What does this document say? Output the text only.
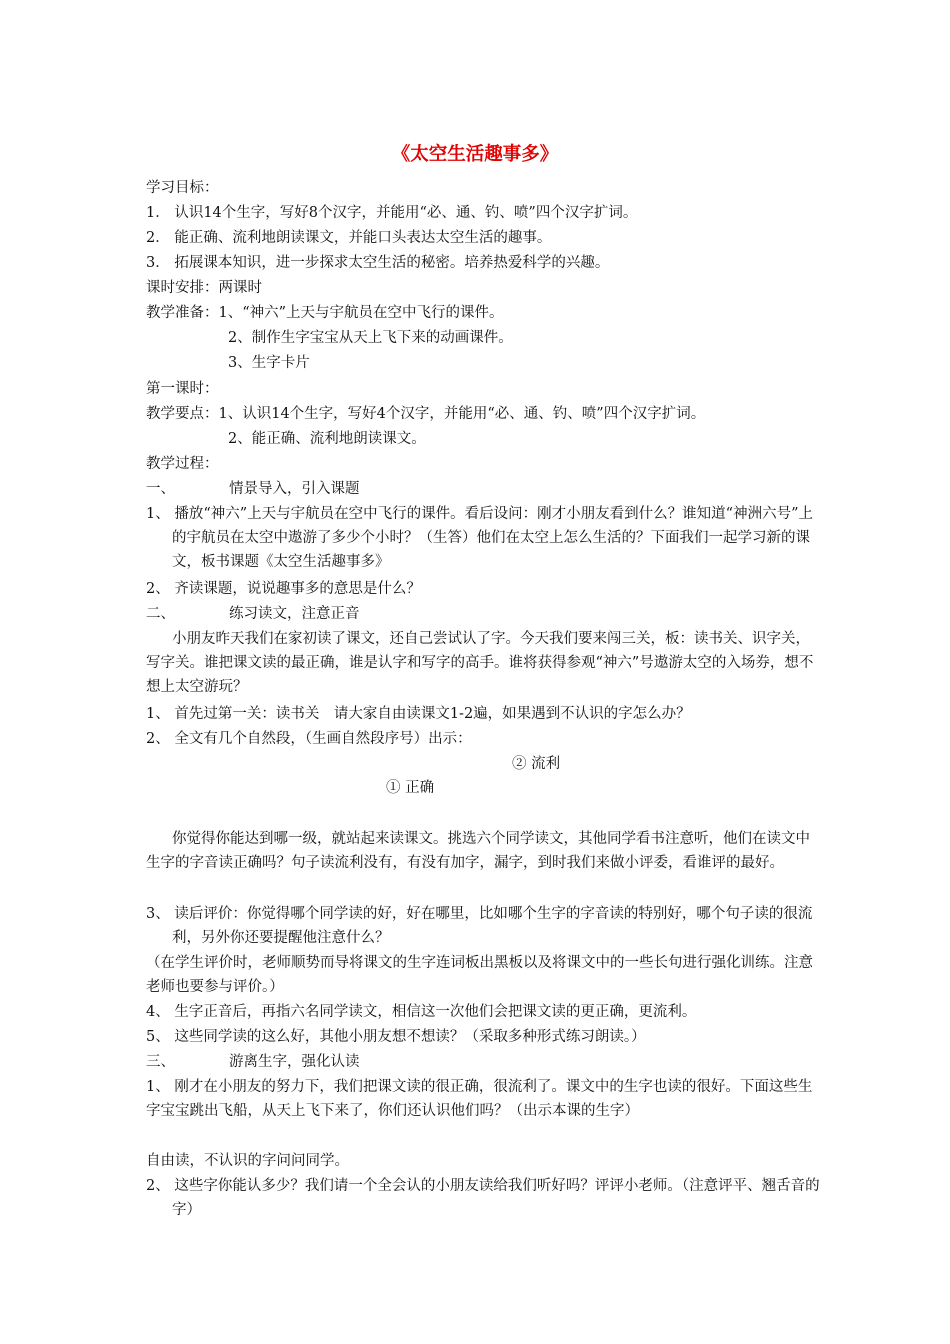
《太空生活趣事多》
学习目标：
1． 认识14个生字，写好8个汉字，并能用“必、通、钓、喷”四个汉字扩词。
2． 能正确、流利地朗读课文，并能口头表达太空生活的趣事。
3． 拓展课本知识，进一步探求太空生活的秘密。培养热爱科学的兴趣。
课时安排：两课时
教学准备：1、“神六”上天与宇航员在空中飞行的课件。
2、制作生字宝宝从天上飞下来的动画课件。
3、生字卡片
第一课时：
教学要点：1、认识14个生字，写好4个汉字，并能用“必、通、钓、喷”四个汉字扩词。
2、能正确、流利地朗读课文。
教学过程：
一、	情景导入，引入课题
1、 播放“神六”上天与宇航员在空中飞行的课件。看后设问：刚才小朋友看到什么？谁知道“神洲六号”上的宇航员在太空中遨游了多少个小时？（生答）他们在太空上怎么生活的？下面我们一起学习新的课文，板书课题《太空生活趣事多》
2、 齐读课题，说说趣事多的意思是什么？
二、	练习读文，注意正音
小朋友昨天我们在家初读了课文，还自己尝试认了字。今天我们要来闯三关，板：读书关、识字关，写字关。谁把课文读的最正确，谁是认字和写字的高手。谁将获得参观“神六”号遨游太空的入场券，想不想上太空游玩？
1、 首先过第一关：读书关　请大家自由读课文1-2遍，如果遇到不认识的字怎么办？
2、 全文有几个自然段，（生画自然段序号）出示：
② 流利
① 正确
你觉得你能达到哪一级，就站起来读课文。挑选六个同学读文，其他同学看书注意听，他们在读文中生字的字音读正确吗？句子读流利没有，有没有加字，漏字，到时我们来做小评委，看谁评的最好。
3、 读后评价：你觉得哪个同学读的好，好在哪里，比如哪个生字的字音读的特别好，哪个句子读的很流利，另外你还要提醒他注意什么？
（在学生评价时，老师顺势而导将课文的生字连词板出黑板以及将课文中的一些长句进行强化训练。注意老师也要参与评价。）
4、 生字正音后，再指六名同学读文，相信这一次他们会把课文读的更正确，更流利。
5、 这些同学读的这么好，其他小朋友想不想读？（采取多种形式练习朗读。）
三、	游离生字，强化认读
1、 刚才在小朋友的努力下，我们把课文读的很正确，很流利了。课文中的生字也读的很好。下面这些生字宝宝跳出飞船，从天上飞下来了，你们还认识他们吗？（出示本课的生字）
自由读，不认识的字问问同学。
2、 这些字你能认多少？我们请一个全会认的小朋友读给我们听好吗？评评小老师。（注意评平、翘舌音的字）
